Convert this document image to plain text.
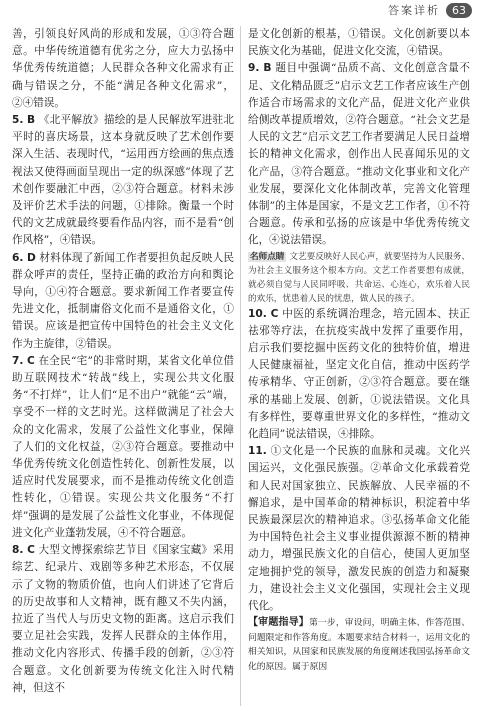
答案详析	63

善，引领良好风尚的形成和发展，①③符合题意。中华传统道德有优劣之分，应大力弘扬中华优秀传统道德；人民群众各种文化需求有正确与错误之分，不能“满足各种文化需求”，②④错误。

5. B 《北平解放》描绘的是人民解放军进驻北平时的喜庆场景，这本身就反映了艺术创作要深入生活、表现时代，“运用西方绘画的焦点透视法又使得画面呈现出一定的纵深感”体现了艺术创作要融汇中西，②③符合题意。材料未涉及评价艺术手法的问题，①排除。衡量一个时代的文艺成就最终要看作品内容，而不是看“创作风格”，④错误。

6. D 材料体现了新闻工作者要担负起反映人民群众呼声的责任，坚持正确的政治方向和舆论导向，①④符合题意。要求新闻工作者要宣传先进文化，抵制庸俗文化而不是通俗文化，①错误。应该是把宣传中国特色的社会主义文化作为主旋律，②错误。

7. C 在全民“宅”的非常时期，某省文化单位借助互联网技术“转战”线上，实现公共文化服务“不打烊”，让人们“足不出户”就能“云”端，享受不一样的文艺时光。这样做满足了社会大众的文化需求，发展了公益性文化事业，保障了人们的文化权益，②③符合题意。要推动中华优秀传统文化创造性转化、创新性发展，以适应时代发展要求，而不是推动传统文化创造性转化，①错误。实现公共文化服务“不打烊”强调的是发展了公益性文化事业，不体现促进文化产业蓬勃发展，④不符合题意。

8. C 大型文博探索综艺节目《国家宝藏》采用综艺、纪录片、戏剧等多种艺术形态，不仅展示了文物的物质价值，也向人们讲述了它背后的历史故事和人文精神，既有趣又不失内涵，拉近了当代人与历史文物的距离。这启示我们要立足社会实践，发挥人民群众的主体作用，推动文化内容形式、传播手段的创新，②③符合题意。文化创新要为传统文化注入时代精神，但这不

是文化创新的根基，①错误。文化创新要以本民族文化为基础，促进文化交流，④错误。

9. B 题目中强调“品质不高、文化创意含量不足、文化精品匮乏”启示文艺工作者应该生产创作适合市场需求的文化产品，促进文化产业供给侧改革提质增效，②符合题意。“社会文艺是人民的文艺”启示文艺工作者要满足人民日益增长的精神文化需求，创作出人民喜闻乐见的文化产品，③符合题意。“推动文化事业和文化产业发展，要深化文化体制改革，完善文化管理体制”的主体是国家，不是文艺工作者，①不符合题意。传承和弘扬的应该是中华优秀传统文化，④说法错误。

名师点睛 文艺要反映好人民心声，就要坚持为人民服务、为社会主义服务这个根本方向。文艺工作者要想有成就，就必须自觉与人民同呼吸、共命运、心连心，欢乐着人民的欢乐，忧患着人民的忧患，做人民的孩子。

10. C 中医的系统调治理念，培元固本、扶正祛邪等疗法，在抗疫实战中发挥了重要作用，启示我们要挖掘中医药文化的独特价值，增进人民健康福祉，坚定文化自信，推动中医药学传承精华、守正创新，②③符合题意。要在继承的基础上发展、创新，①说法错误。文化具有多样性，要尊重世界文化的多样性，“推动文化趋同”说法错误，④排除。

11. ①文化是一个民族的血脉和灵魂。文化兴国运兴，文化强民族强。②革命文化承载着党和人民对国家独立、民族解放、人民幸福的不懈追求，是中国革命的精神标识，积淀着中华民族最深层次的精神追求。③弘扬革命文化能为中国特色社会主义事业提供源源不断的精神动力，增强民族文化的自信心，使国人更加坚定地拥护党的领导，激发民族的创造力和凝聚力，建设社会主义文化强国，实现社会主义现代化。

【审题指导】第一步，审设问，明确主体、作答范围、问题限定和作答角度。本题要求结合材料一，运用文化的相关知识，从国家和民族发展的角度阐述我国弘扬革命文化的原因。属于原因
